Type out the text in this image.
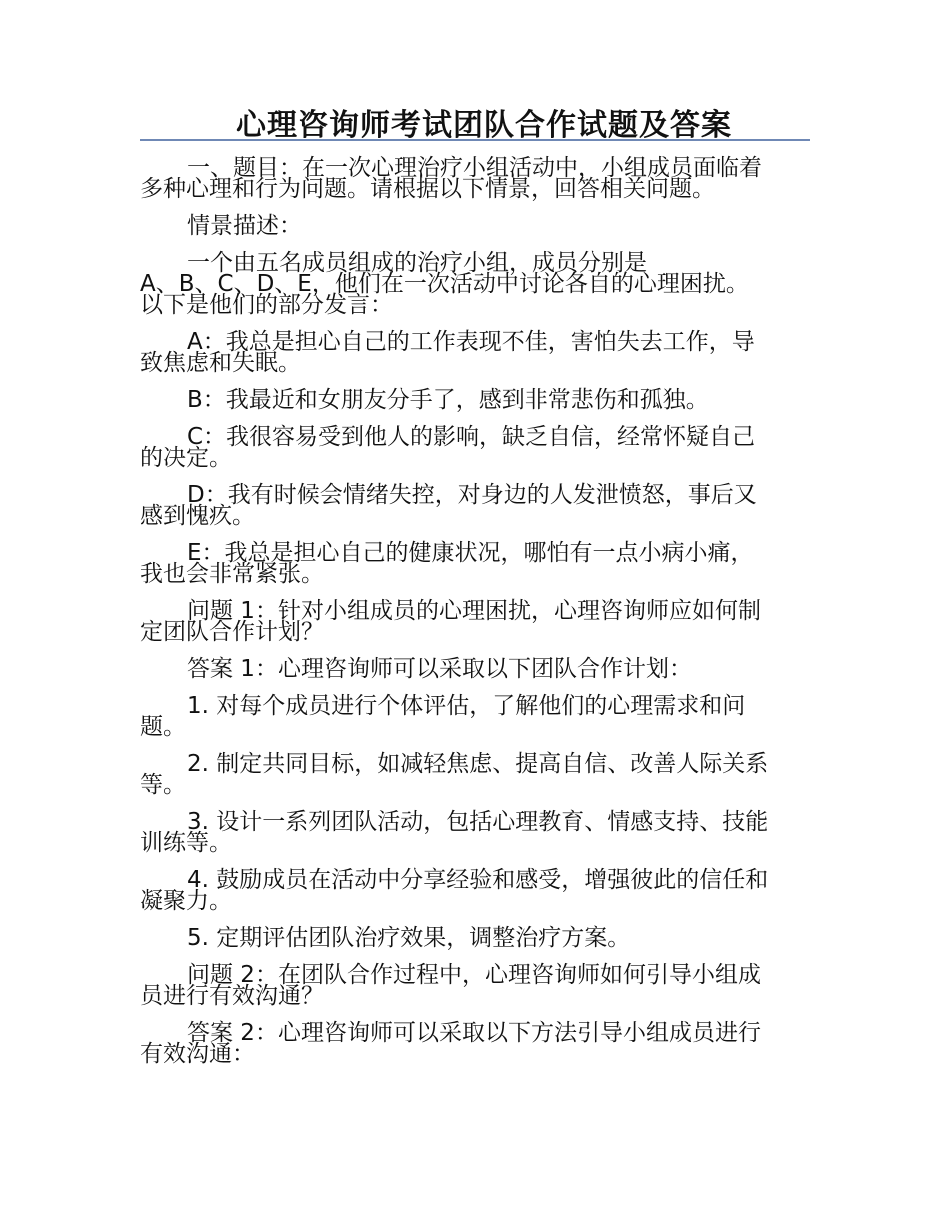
心理咨询师考试团队合作试题及答案

一、题目：在一次心理治疗小组活动中，小组成员面临着
多种心理和行为问题。请根据以下情景，回答相关问题。

情景描述：

一个由五名成员组成的治疗小组，成员分别是
A、B、C、D、E，他们在一次活动中讨论各自的心理困扰。
以下是他们的部分发言：

A：我总是担心自己的工作表现不佳，害怕失去工作，导
致焦虑和失眠。

B：我最近和女朋友分手了，感到非常悲伤和孤独。

C：我很容易受到他人的影响，缺乏自信，经常怀疑自己
的决定。

D：我有时候会情绪失控，对身边的人发泄愤怒，事后又
感到愧疚。

E：我总是担心自己的健康状况，哪怕有一点小病小痛，
我也会非常紧张。

问题 1：针对小组成员的心理困扰，心理咨询师应如何制
定团队合作计划？

答案 1：心理咨询师可以采取以下团队合作计划：

1. 对每个成员进行个体评估，了解他们的心理需求和问
题。

2. 制定共同目标，如减轻焦虑、提高自信、改善人际关系
等。

3. 设计一系列团队活动，包括心理教育、情感支持、技能
训练等。

4. 鼓励成员在活动中分享经验和感受，增强彼此的信任和
凝聚力。

5. 定期评估团队治疗效果，调整治疗方案。

问题 2：在团队合作过程中，心理咨询师如何引导小组成
员进行有效沟通？

答案 2：心理咨询师可以采取以下方法引导小组成员进行
有效沟通：
